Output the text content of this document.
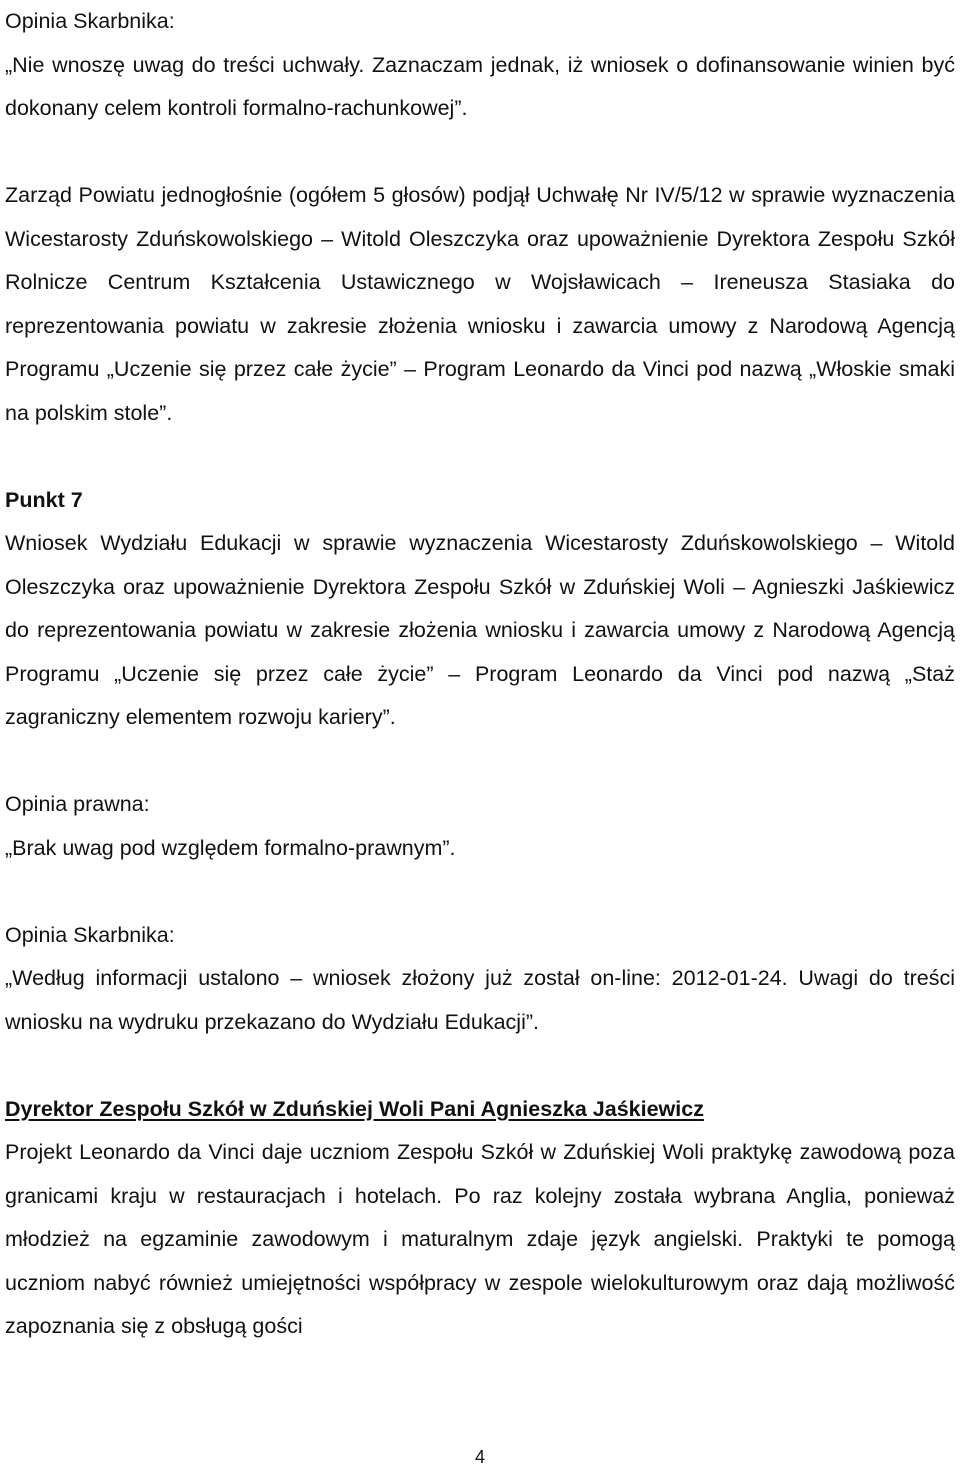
Opinia Skarbnika:

„Nie wnoszę uwag do treści uchwały. Zaznaczam jednak, iż wniosek o dofinansowanie winien być dokonany celem kontroli formalno-rachunkowej”.

Zarząd Powiatu jednogłośnie (ogółem 5 głosów) podjął Uchwałę Nr IV/5/12 w sprawie wyznaczenia Wicestarosty Zduńskowolskiego – Witold Oleszczyka oraz upoważnienie Dyrektora Zespołu Szkół Rolnicze Centrum Kształcenia Ustawicznego w Wojsławicach – Ireneusza Stasiaka do reprezentowania powiatu w zakresie złożenia wniosku i zawarcia umowy z Narodową Agencją Programu „Uczenie się przez całe życie” – Program Leonardo da Vinci pod nazwą „Włoskie smaki na polskim stole”.

Punkt 7

Wniosek Wydziału Edukacji w sprawie wyznaczenia Wicestarosty Zduńskowolskiego – Witold Oleszczyka oraz upoważnienie Dyrektora Zespołu Szkół w Zduńskiej Woli – Agnieszki Jaśkiewicz do reprezentowania powiatu w zakresie złożenia wniosku i zawarcia umowy z Narodową Agencją Programu „Uczenie się przez całe życie” – Program Leonardo da Vinci pod nazwą „Staż zagraniczny elementem rozwoju kariery”.

Opinia prawna:

„Brak uwag pod względem formalno-prawnym”.

Opinia Skarbnika:

„Według informacji ustalono – wniosek złożony już został on-line: 2012-01-24. Uwagi do treści wniosku na wydruku przekazano do Wydziału Edukacji”.

Dyrektor Zespołu Szkół w Zduńskiej Woli Pani Agnieszka Jaśkiewicz

Projekt Leonardo da Vinci daje uczniom Zespołu Szkół w Zduńskiej Woli praktykę zawodową poza granicami kraju w restauracjach i hotelach. Po raz kolejny została wybrana Anglia, ponieważ młodzież na egzaminie zawodowym i maturalnym zdaje język angielski. Praktyki te pomogą uczniom nabyć również umiejętności współpracy w zespole wielokulturowym oraz dają możliwość zapoznania się z obsługą gości

4
